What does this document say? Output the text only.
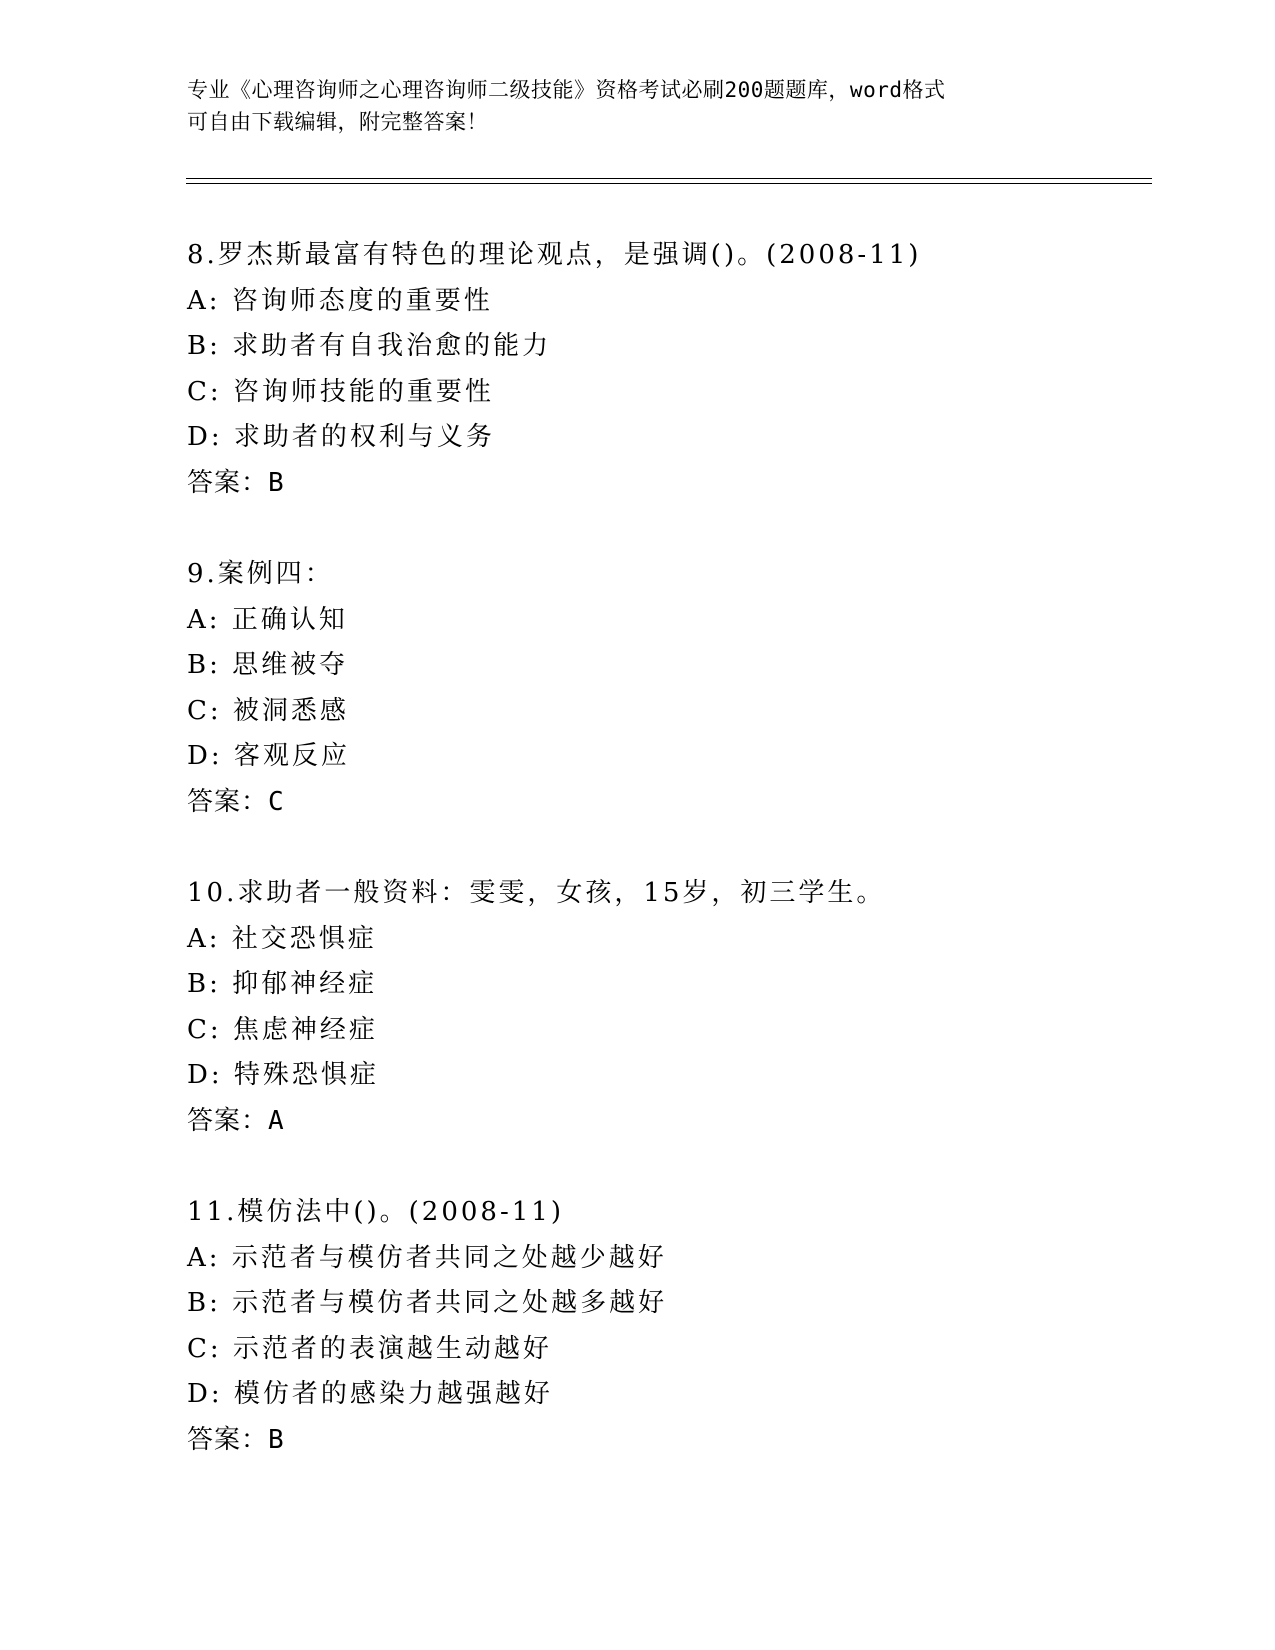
专业《心理咨询师之心理咨询师二级技能》资格考试必刷200题题库，word格式
可自由下载编辑，附完整答案！
8.罗杰斯最富有特色的理论观点，是强调()。(2008-11)
A: 咨询师态度的重要性
B: 求助者有自我治愈的能力
C: 咨询师技能的重要性
D: 求助者的权利与义务
答案：B
9.案例四：
A: 正确认知
B: 思维被夺
C: 被洞悉感
D: 客观反应
答案：C
10.求助者一般资料：雯雯，女孩，15岁，初三学生。
A: 社交恐惧症
B: 抑郁神经症
C: 焦虑神经症
D: 特殊恐惧症
答案：A
11.模仿法中()。(2008-11)
A: 示范者与模仿者共同之处越少越好
B: 示范者与模仿者共同之处越多越好
C: 示范者的表演越生动越好
D: 模仿者的感染力越强越好
答案：B
